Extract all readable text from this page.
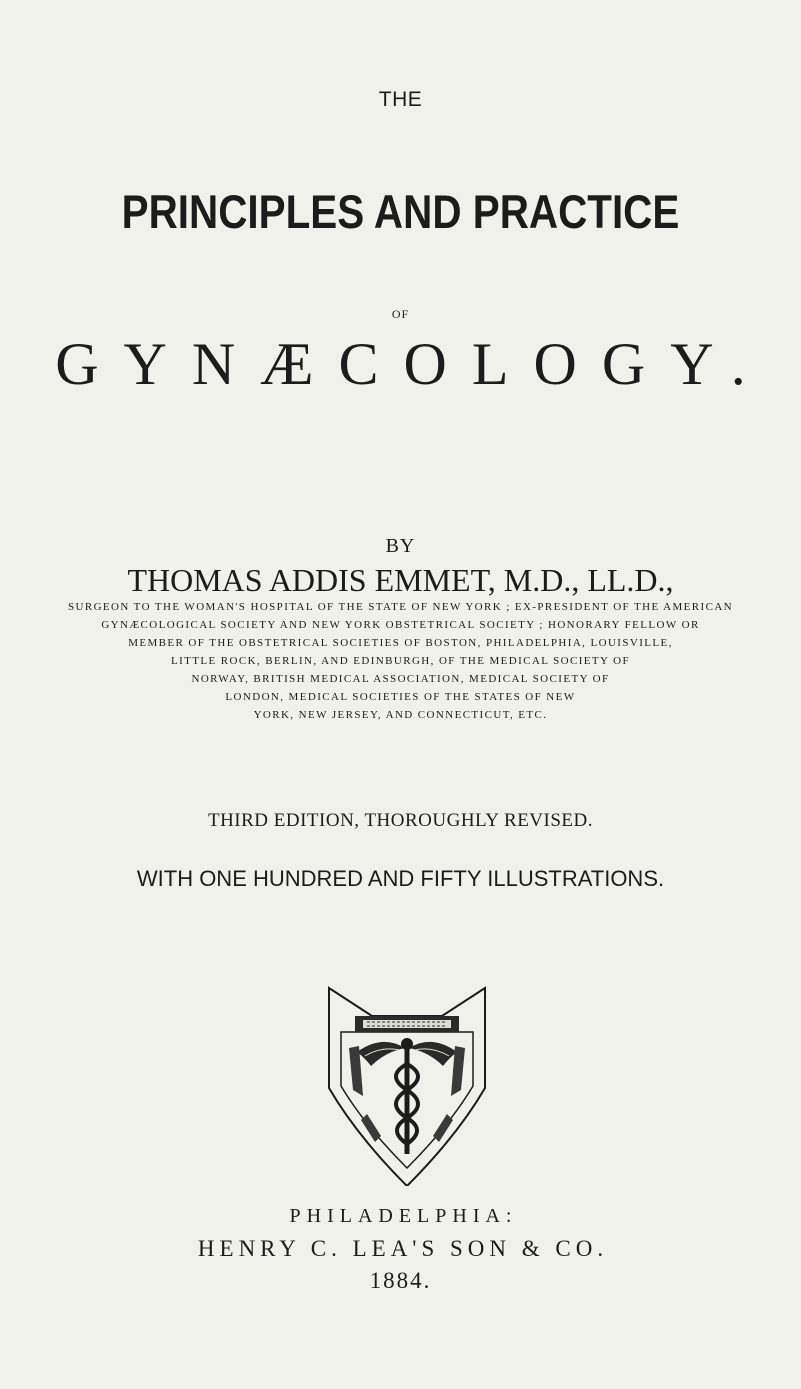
THE
PRINCIPLES AND PRACTICE
OF
GYNÆCOLOGY.
BY
THOMAS ADDIS EMMET, M.D., LL.D.,
SURGEON TO THE WOMAN'S HOSPITAL OF THE STATE OF NEW YORK ; EX-PRESIDENT OF THE AMERICAN
GYNÆCOLOGICAL SOCIETY AND NEW YORK OBSTETRICAL SOCIETY ; HONORARY FELLOW OR
MEMBER OF THE OBSTETRICAL SOCIETIES OF BOSTON, PHILADELPHIA, LOUISVILLE,
LITTLE ROCK, BERLIN, AND EDINBURGH, OF THE MEDICAL SOCIETY OF
NORWAY, BRITISH MEDICAL ASSOCIATION, MEDICAL SOCIETY OF
LONDON, MEDICAL SOCIETIES OF THE STATES OF NEW
YORK, NEW JERSEY, AND CONNECTICUT, ETC.
THIRD EDITION, THOROUGHLY REVISED.
WITH ONE HUNDRED AND FIFTY ILLUSTRATIONS.
PHILADELPHIA:
HENRY C. LEA'S SON & CO.
1884.
